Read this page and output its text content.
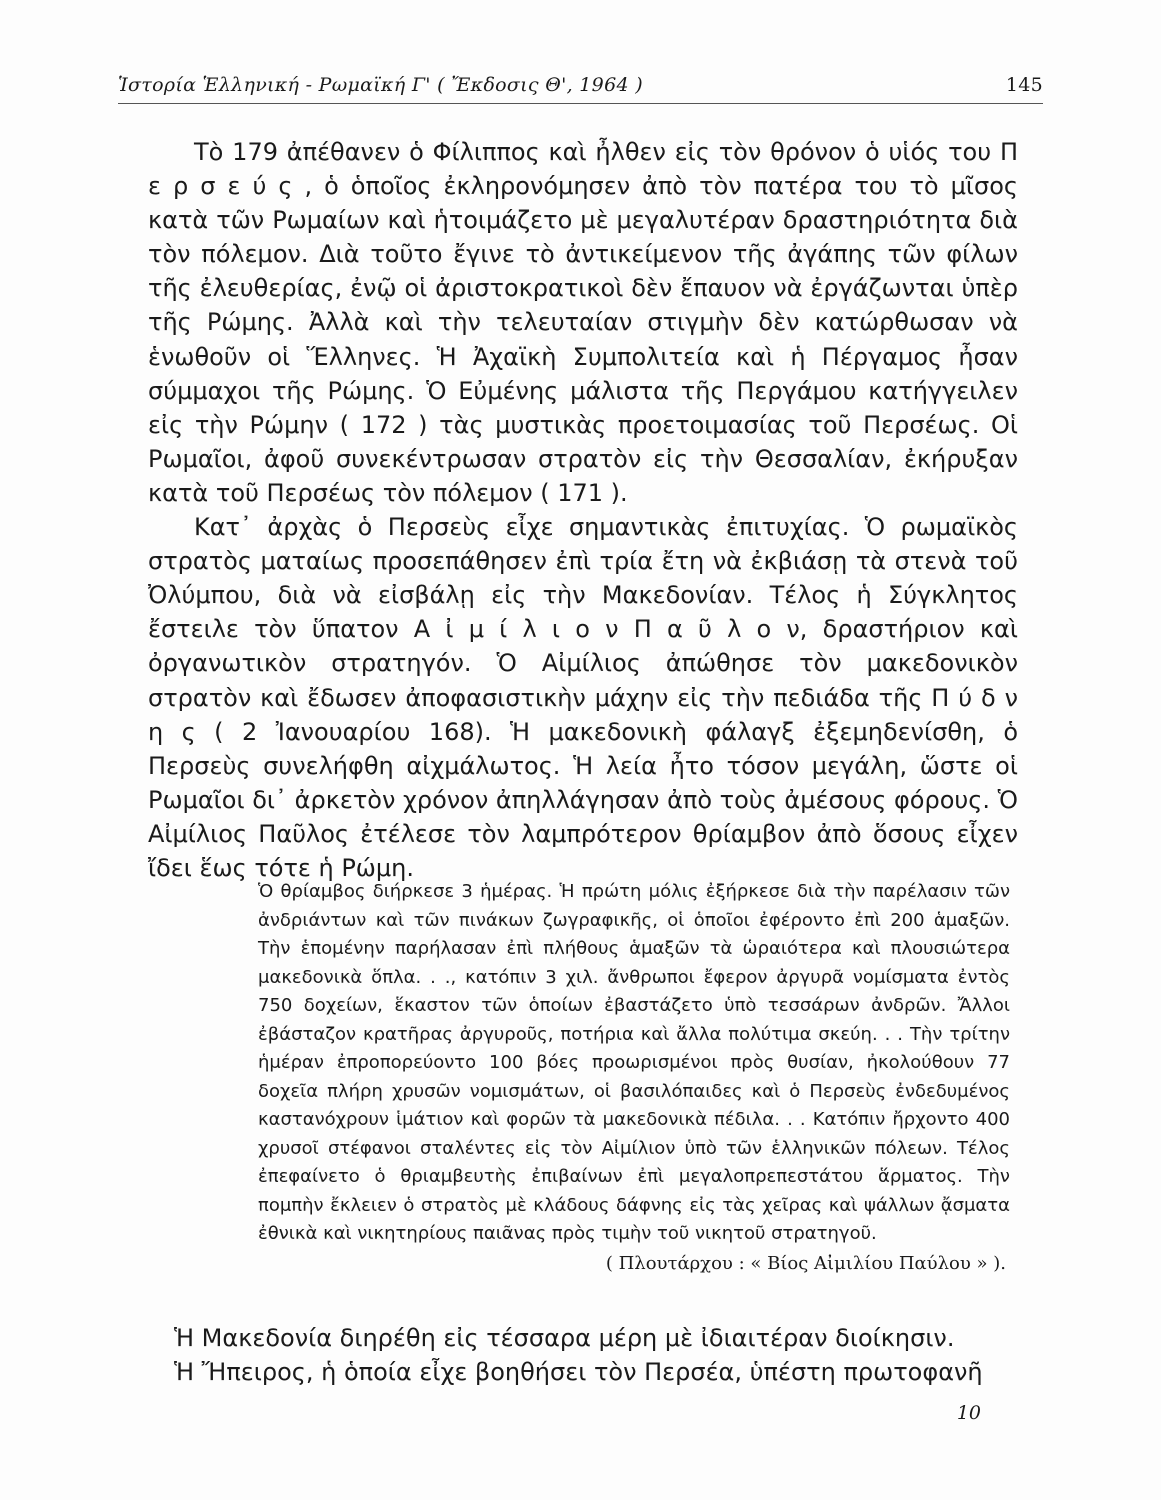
Ἱστορία Ἑλληνική - Ρωμαϊκή Γ' ( Ἔκδοσις Θ', 1964 )	145

Τὸ 179 ἀπέθανεν ὁ Φίλιππος καὶ ἦλθεν εἰς τὸν θρόνον ὁ υἱός του Π ε ρ σ ε ύ ς , ὁ ὁποῖος ἐκληρονόμησεν ἀπὸ τὸν πατέρα του τὸ μῖσος κατὰ τῶν Ρωμαίων καὶ ἡτοιμάζετο μὲ μεγαλυτέραν δραστηριότητα διὰ τὸν πόλεμον. Διὰ τοῦτο ἔγινε τὸ ἀντικείμενον τῆς ἀγάπης τῶν φίλων τῆς ἐλευθερίας, ἐνῷ οἱ ἀριστοκρατικοὶ δὲν ἔπαυον νὰ ἐργάζωνται ὑπὲρ τῆς Ρώμης. Ἀλλὰ καὶ τὴν τελευταίαν στιγμὴν δὲν κατώρθωσαν νὰ ἑνωθοῦν οἱ Ἕλληνες. Ἡ Ἀχαϊκὴ Συμπολιτεία καὶ ἡ Πέργαμος ἦσαν σύμμαχοι τῆς Ρώμης. Ὁ Εὐμένης μάλιστα τῆς Περγάμου κατήγγειλεν εἰς τὴν Ρώμην ( 172 ) τὰς μυστικὰς προετοιμασίας τοῦ Περσέως. Οἱ Ρωμαῖοι, ἀφοῦ συνεκέντρωσαν στρατὸν εἰς τὴν Θεσσαλίαν, ἐκήρυξαν κατὰ τοῦ Περσέως τὸν πόλεμον ( 171 ).

Κατ᾽ ἀρχὰς ὁ Περσεὺς εἶχε σημαντικὰς ἐπιτυχίας. Ὁ ρωμαϊκὸς στρατὸς ματαίως προσεπάθησεν ἐπὶ τρία ἔτη νὰ ἐκβιάσῃ τὰ στενὰ τοῦ Ὀλύμπου, διὰ νὰ εἰσβάλῃ εἰς τὴν Μακεδονίαν. Τέλος ἡ Σύγκλητος ἔστειλε τὸν ὕπατον Α ἰ μ ί λ ι ο ν Π α ῦ λ ο ν, δραστήριον καὶ ὀργανωτικὸν στρατηγόν. Ὁ Αἰμίλιος ἀπώθησε τὸν μακεδονικὸν στρατὸν καὶ ἔδωσεν ἀποφασιστικὴν μάχην εἰς τὴν πεδιάδα τῆς Π ύ δ ν η ς ( 2 Ἰανουαρίου 168). Ἡ μακεδονικὴ φάλαγξ ἐξεμηδενίσθη, ὁ Περσεὺς συνελήφθη αἰχμάλωτος. Ἡ λεία ἦτο τόσον μεγάλη, ὥστε οἱ Ρωμαῖοι δι᾽ ἀρκετὸν χρόνον ἀπηλλάγησαν ἀπὸ τοὺς ἀμέσους φόρους. Ὁ Αἰμίλιος Παῦλος ἐτέλεσε τὸν λαμπρότερον θρίαμβον ἀπὸ ὅσους εἶχεν ἴδει ἕως τότε ἡ Ρώμη.

Ὁ θρίαμβος διήρκεσε 3 ἡμέρας. Ἡ πρώτη μόλις ἐξήρκεσε διὰ τὴν παρέλασιν τῶν ἀνδριάντων καὶ τῶν πινάκων ζωγραφικῆς, οἱ ὁποῖοι ἐφέροντο ἐπὶ 200 ἁμαξῶν. Τὴν ἑπομένην παρήλασαν ἐπὶ πλήθους ἁμαξῶν τὰ ὡραιότερα καὶ πλουσιώτερα μακεδονικὰ ὅπλα. . ., κατόπιν 3 χιλ. ἄνθρωποι ἔφερον ἀργυρᾶ νομίσματα ἐντὸς 750 δοχείων, ἕκαστον τῶν ὁποίων ἐβαστάζετο ὑπὸ τεσσάρων ἀνδρῶν. Ἄλλοι ἐβάσταζον κρατῆρας ἀργυροῦς, ποτήρια καὶ ἄλλα πολύτιμα σκεύη. . . Τὴν τρίτην ἡμέραν ἐπροπορεύοντο 100 βόες προωρισμένοι πρὸς θυσίαν, ἠκολούθουν 77 δοχεῖα πλήρη χρυσῶν νομισμάτων, οἱ βασιλόπαιδες καὶ ὁ Περσεὺς ἐνδεδυμένος καστανόχρουν ἱμάτιον καὶ φορῶν τὰ μακεδονικὰ πέδιλα. . . Κατόπιν ἤρχοντο 400 χρυσοῖ στέφανοι σταλέντες εἰς τὸν Αἰμίλιον ὑπὸ τῶν ἑλληνικῶν πόλεων. Τέλος ἐπεφαίνετο ὁ θριαμβευτὴς ἐπιβαίνων ἐπὶ μεγαλοπρεπεστάτου ἅρματος. Τὴν πομπὴν ἔκλειεν ὁ στρατὸς μὲ κλάδους δάφνης εἰς τὰς χεῖρας καὶ ψάλλων ᾄσματα ἐθνικὰ καὶ νικητηρίους παιᾶνας πρὸς τιμὴν τοῦ νικητοῦ στρατηγοῦ.

( Πλουτάρχου : « Βίος Αἰμιλίου Παύλου » ).

Ἡ Μακεδονία διηρέθη εἰς τέσσαρα μέρη μὲ ἰδιαιτέραν διοίκησιν.

Ἡ Ἤπειρος, ἡ ὁποία εἶχε βοηθήσει τὸν Περσέα, ὑπέστη πρωτοφανῆ

10
